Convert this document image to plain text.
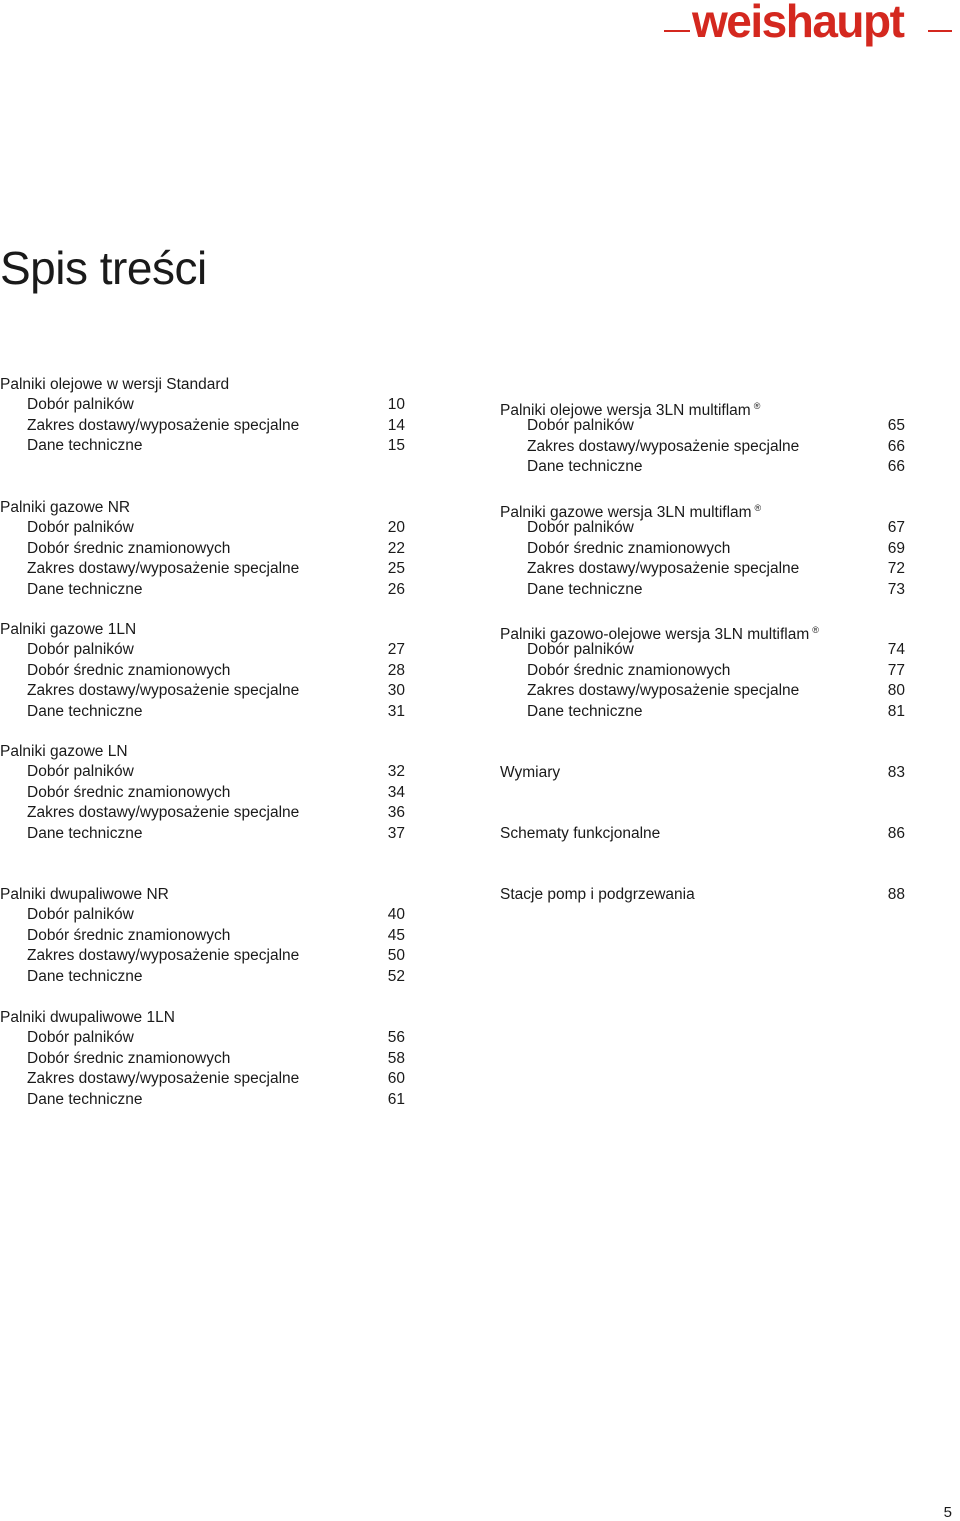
weishaupt
Spis treści
Palniki olejowe w wersji Standard
Dobór palników	10
Zakres dostawy/wyposażenie specjalne	14
Dane techniczne	15
Palniki gazowe NR
Dobór palników	20
Dobór średnic znamionowych	22
Zakres dostawy/wyposażenie specjalne	25
Dane techniczne	26
Palniki gazowe 1LN
Dobór palników	27
Dobór średnic znamionowych	28
Zakres dostawy/wyposażenie specjalne	30
Dane techniczne	31
Palniki gazowe LN
Dobór palników	32
Dobór średnic znamionowych	34
Zakres dostawy/wyposażenie specjalne	36
Dane techniczne	37
Palniki dwupaliwowe NR
Dobór palników	40
Dobór średnic znamionowych	45
Zakres dostawy/wyposażenie specjalne	50
Dane techniczne	52
Palniki dwupaliwowe 1LN
Dobór palników	56
Dobór średnic znamionowych	58
Zakres dostawy/wyposażenie specjalne	60
Dane techniczne	61
Palniki olejowe wersja 3LN multiflam ®
Dobór palników	65
Zakres dostawy/wyposażenie specjalne	66
Dane techniczne	66
Palniki gazowe wersja 3LN multiflam ®
Dobór palników	67
Dobór średnic znamionowych	69
Zakres dostawy/wyposażenie specjalne	72
Dane techniczne	73
Palniki gazowo-olejowe wersja 3LN multiflam ®
Dobór palników	74
Dobór średnic znamionowych	77
Zakres dostawy/wyposażenie specjalne	80
Dane techniczne	81
Wymiary	83
Schematy funkcjonalne	86
Stacje pomp i podgrzewania	88
5
